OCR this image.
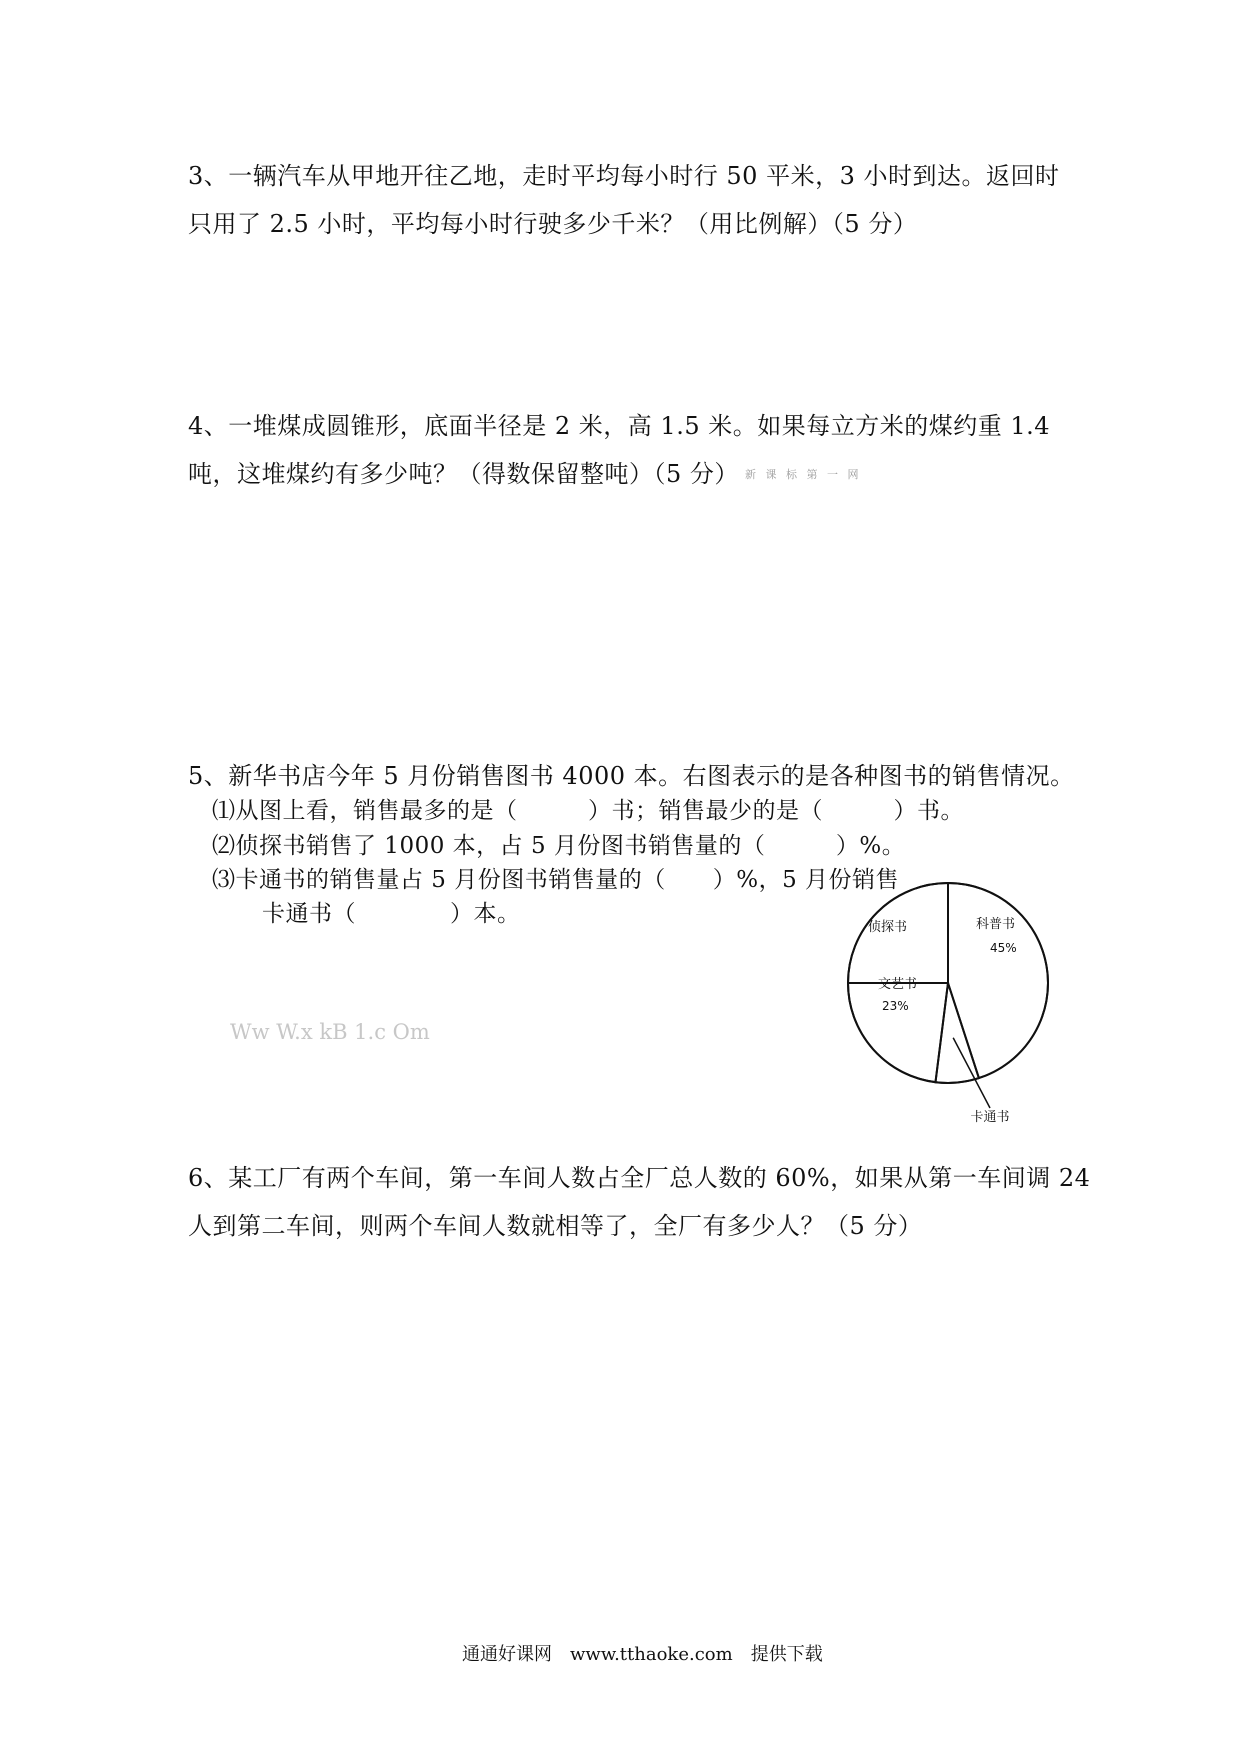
3、一辆汽车从甲地开往乙地，走时平均每小时行 50 平米，3 小时到达。返回时
只用了 2.5 小时，平均每小时行驶多少千米？（用比例解）（5 分）
4、一堆煤成圆锥形，底面半径是 2 米，高 1.5 米。如果每立方米的煤约重 1.4
吨，这堆煤约有多少吨？（得数保留整吨）（5 分） 新 课 标 第 一 网
5、新华书店今年 5 月份销售图书 4000 本。右图表示的是各种图书的销售情况。
⑴从图上看，销售最多的是（　　　）书；销售最少的是（　　　）书。
⑵侦探书销售了 1000 本，占 5 月份图书销售量的（　　　）%。
⑶卡通书的销售量占 5 月份图书销售量的（　　）%，5 月份销售
卡通书（　　　　）本。	科普书
45%
卡通书
文艺书
23%
侦探书
Ww W.x kB 1.c Om
6、某工厂有两个车间，第一车间人数占全厂总人数的 60%，如果从第一车间调 24
人到第二车间，则两个车间人数就相等了，全厂有多少人？（5 分）
通通好课网　www.tthaoke.com　提供下载
